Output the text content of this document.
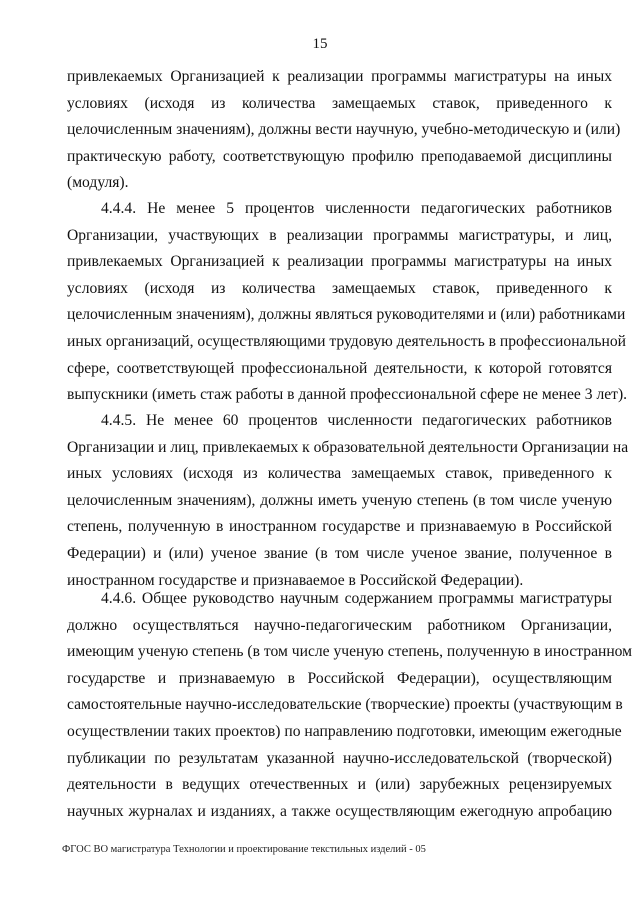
15
привлекаемых Организацией к реализации программы магистратуры на иных
условиях (исходя из количества замещаемых ставок, приведенного к
целочисленным значениям), должны вести научную, учебно-методическую и (или)
практическую работу, соответствующую профилю преподаваемой дисциплины
(модуля).
4.4.4. Не менее 5 процентов численности педагогических работников
Организации, участвующих в реализации программы магистратуры, и лиц,
привлекаемых Организацией к реализации программы магистратуры на иных
условиях (исходя из количества замещаемых ставок, приведенного к
целочисленным значениям), должны являться руководителями и (или) работниками
иных организаций, осуществляющими трудовую деятельность в профессиональной
сфере, соответствующей профессиональной деятельности, к которой готовятся
выпускники (иметь стаж работы в данной профессиональной сфере не менее 3 лет).
4.4.5. Не менее 60 процентов численности педагогических работников
Организации и лиц, привлекаемых к образовательной деятельности Организации на
иных условиях (исходя из количества замещаемых ставок, приведенного к
целочисленным значениям), должны иметь ученую степень (в том числе ученую
степень, полученную в иностранном государстве и признаваемую в Российской
Федерации) и (или) ученое звание (в том числе ученое звание, полученное в
иностранном государстве и признаваемое в Российской Федерации).
4.4.6. Общее руководство научным содержанием программы магистратуры
должно осуществляться научно-педагогическим работником Организации,
имеющим ученую степень (в том числе ученую степень, полученную в иностранном
государстве и признаваемую в Российской Федерации), осуществляющим
самостоятельные научно-исследовательские (творческие) проекты (участвующим в
осуществлении таких проектов) по направлению подготовки, имеющим ежегодные
публикации по результатам указанной научно-исследовательской (творческой)
деятельности в ведущих отечественных и (или) зарубежных рецензируемых
научных журналах и изданиях, а также осуществляющим ежегодную апробацию
ФГОС ВО магистратура Технологии и проектирование текстильных изделий - 05
